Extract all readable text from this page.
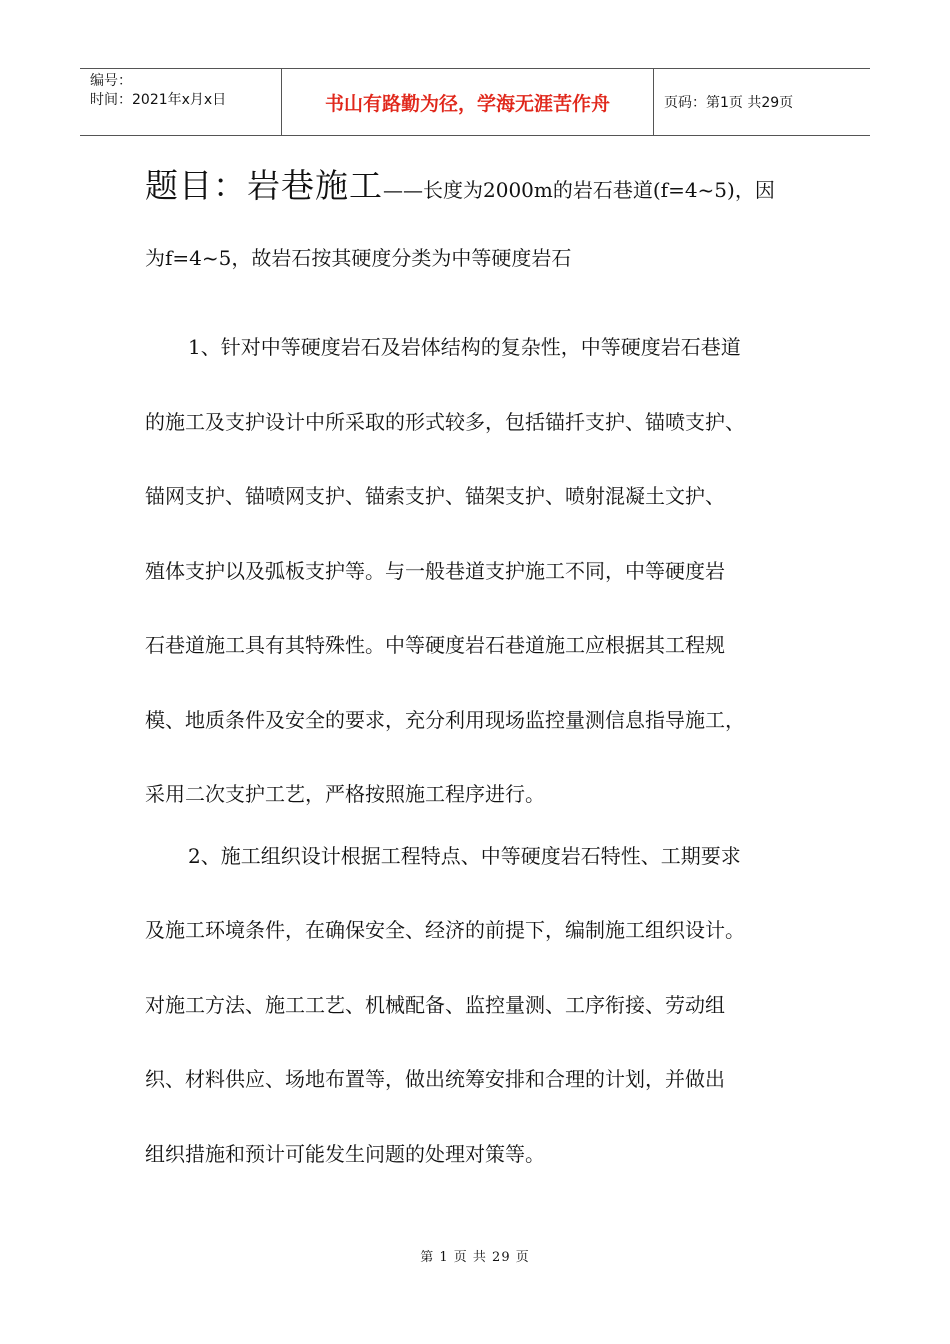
编号：
时间：2021年x月x日	书山有路勤为径，学海无涯苦作舟	页码：第1页 共29页
题目：岩巷施工——长度为2000m的岩石巷道(f=4~5)，因
为f=4~5，故岩石按其硬度分类为中等硬度岩石
1、针对中等硬度岩石及岩体结构的复杂性，中等硬度岩石巷道
的施工及支护设计中所采取的形式较多，包括锚扦支护、锚喷支护、
锚网支护、锚喷网支护、锚索支护、锚架支护、喷射混凝土文护、
殖体支护以及弧板支护等。与一般巷道支护施工不同，中等硬度岩
石巷道施工具有其特殊性。中等硬度岩石巷道施工应根据其工程规
模、地质条件及安全的要求，充分利用现场监控量测信息指导施工，
采用二次支护工艺，严格按照施工程序进行。
2、施工组织设计根据工程特点、中等硬度岩石特性、工期要求
及施工环境条件，在确保安全、经济的前提下，编制施工组织设计。
对施工方法、施工工艺、机械配备、监控量测、工序衔接、劳动组
织、材料供应、场地布置等，做出统筹安排和合理的计划，并做出
组织措施和预计可能发生问题的处理对策等。
第 1 页 共 29 页
